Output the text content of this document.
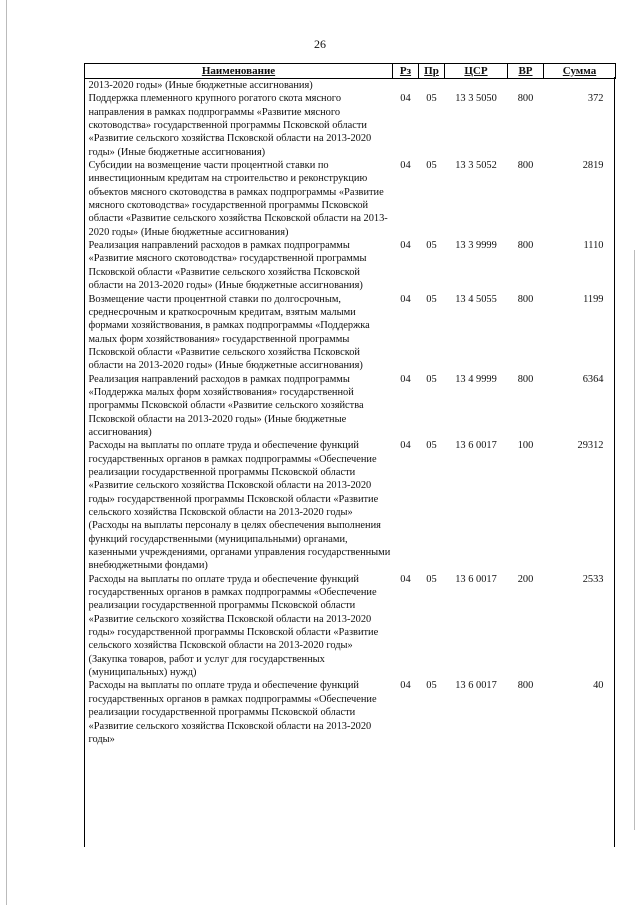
26
Наименование	Рз	Пр	ЦСР	ВР	Сумма
2013-2020 годы» (Иные бюджетные ассигнования)					
Поддержка племенного крупного рогатого скота мясного направления в рамках подпрограммы «Развитие мясного скотоводства» государственной программы Псковской области «Развитие сельского хозяйства Псковской области на 2013-2020 годы» (Иные бюджетные ассигнования)	04	05	13 3 5050	800	372
Субсидии на возмещение части процентной ставки по инвестиционным кредитам на строительство и реконструкцию объектов мясного скотоводства в рамках подпрограммы «Развитие мясного скотоводства» государственной программы Псковской области «Развитие сельского хозяйства Псковской области на 2013-2020 годы» (Иные бюджетные ассигнования)	04	05	13 3 5052	800	2819
Реализация направлений расходов в рамках подпрограммы «Развитие мясного скотоводства» государственной программы Псковской области «Развитие сельского хозяйства Псковской области на 2013-2020 годы» (Иные бюджетные ассигнования)	04	05	13 3 9999	800	1110
Возмещение части процентной ставки по долгосрочным, среднесрочным и краткосрочным кредитам, взятым малыми формами хозяйствования, в рамках подпрограммы «Поддержка малых форм хозяйствования» государственной программы Псковской области «Развитие сельского хозяйства Псковской области на 2013-2020 годы» (Иные бюджетные ассигнования)	04	05	13 4 5055	800	1199
Реализация направлений расходов в рамках подпрограммы «Поддержка малых форм хозяйствования» государственной программы Псковской области «Развитие сельского хозяйства Псковской области на 2013-2020 годы» (Иные бюджетные ассигнования)	04	05	13 4 9999	800	6364
Расходы на выплаты по оплате труда и обеспечение функций государственных органов в рамках подпрограммы «Обеспечение реализации государственной программы Псковской области «Развитие сельского хозяйства Псковской области на 2013-2020 годы» государственной программы Псковской области «Развитие сельского хозяйства Псковской области на 2013-2020 годы» (Расходы на выплаты персоналу в целях обеспечения выполнения функций государственными (муниципальными) органами, казенными учреждениями, органами управления государственными внебюджетными фондами)	04	05	13 6 0017	100	29312
Расходы на выплаты по оплате труда и обеспечение функций государственных органов в рамках подпрограммы «Обеспечение реализации государственной программы Псковской области «Развитие сельского хозяйства Псковской области на 2013-2020 годы» государственной программы Псковской области «Развитие сельского хозяйства Псковской области на 2013-2020 годы» (Закупка товаров, работ и услуг для государственных (муниципальных) нужд)	04	05	13 6 0017	200	2533
Расходы на выплаты по оплате труда и обеспечение функций государственных органов в рамках подпрограммы «Обеспечение реализации государственной программы Псковской области «Развитие сельского хозяйства Псковской области на 2013-2020 годы»	04	05	13 6 0017	800	40
